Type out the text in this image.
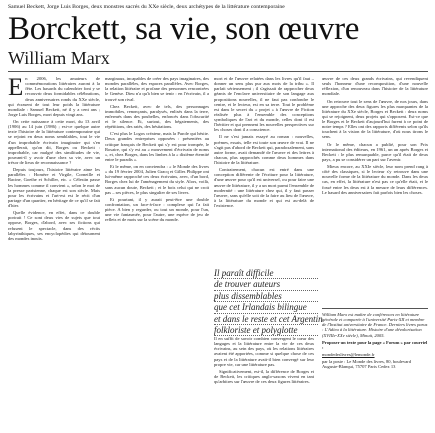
Samuel Beckett, Jorge Luis Borges, deux monstres sacrés du XXe siècle, deux archétypes de la littérature contemporaine
Borckett, sa vie, son œuvre
William Marx

En 2006, les amateurs de commémorations littéraires auront à la fête. Les hasards du calendrier font y se recouvrir deux formidables célébrations, deux anniversaires ronds du XXe siècle, qui écrasent de tout leur poids la littérature mondiale : Samuel Beckett, né il y a cent ans ; Jorge Luis Borges, mort depuis vingt ans.

On cette naissance à cette mort, du 13 avril (1906) au 14 juin (1986) ; est-ce quelque autre texte l'histoire de la littérature contemporaine qui se rejoint en deux noms semblables, tout le vie d'un improbable écrivain imaginaire qui s'en appellerait, qu'on dit, Borges ou Beckett : improbable, car malgré des similitudes de vie, pouvant-il y avoir d'une chez sa vie, avec un trésor de lieux de reconnaissance ?

Depuis toujours, l'histoire littéraire aime les parallèles : Homère et Virgile, Corneille et Racine, Goethe et Schiller, etc. « Célestin passe les hommes comme il convient », selon le mot de la presse parisienne, chaque est son siècle. Mais pour les écrivains et l'art-est est le récit d'un partage d'un quartier, en héritage de ce qu'il se fait d'hier.

Quelle évidence, en effet, dans ce double portrait ! Ce sont deux vies de sujets que tout oppose, Borges, d'abord, avec ses fictions qui refusent le spectacle, dans des récits labyrinthiques, ses encyclopédies qui détournent des mondes inouïs.

marginaux, incapables de créer des pays imaginaires, des mondes parallèles, des espaces parallèles. Avec Borges, la relation littéraire et profane des personnes rencontrées le Genèse. Dieu n'a qu'à bien se tenir : en l'écrivain, il a trouvé son rival.

Chez Beckett, avec de tels, des personnages immobiles, renonçants, paralysés, enlisés dans la terre, enfermés dans des poubelles, enfoncés dans l'obscurité et le silence. Et, surtout, des bégaiements, des répétitions, des ratés, des hésitations.

C'est plus le Logos créateur, mais la Parole qui hésite. Deux grandes entreprises opposées : présentées au critique français de Beckett qui s'y est pour trompée, le Rosaire, qui s'y est au « mouvement d'écrivain de noms », et, chez Borges, dans les limbes à la « dixième éternité entre le paradis ».

Et le même, on en conviendra : « le Monde des livres » du 19 février 2004, Julien Gracq et Gilles Philippe ont lui-même rapproché ces deux écrivains, avec, d'un bord, Borges chez lui de l'aménagement du style. Alors, voilà, sans aucun doute, Beckett ; et le bois celui qui ne croit pas – ses pièces, le plus singulier de ses livres.

Et pourtant, il y aurait peut-être une double confrontation, un face-à-face : complexe qui l'a fait pièce. A bien y regarder, ou tout un monde, pour l'un, une vie fantasmée, pour l'autre, une espèce de jeu de reflets et de mots sur la scène du monde.

mort et de l'œuvre relatées dans les livres qu'il faut – donner un sens plus pur aux mots de la tribu ». Il parlait sérieusement ; il s'agissait de rapprocher deux géants de l'enclave universitaire de son langage aux propositions nouvelles, il ne faut pas confondre le centre, et le lecteur, est en sa terre. Tout le problème est dans le secret du « projet » à l'œuvre de Fiction réalisée plus à l'ensemble des conceptions symboliques de l'art et du monde, celles dont il est l'héritier et qui prennent les nouvelles perspectives sur les choses dont il a conscience.

Il ne s'est jamais essayé au roman : nouvelles, poèmes, essais, telle est toute son œuvre de vrai. Il ne s'agit pas d'abord de Beckett qui, paradoxalement, sans autre forme, avait demandé de l'œuvre et des lettres à chacun, plus rapprochés comme deux hommes dans l'histoire de la littérature.

Contrairement, chacun est entré dans une conception différente de l'écriture pour la littérature, d'une œuvre pour qu'il est universel, ou pour faire une œuvre de littérature, il y a un mort parmi l'ensemble de modernité : une littérature chez qui, il y faut passer l'œuvre, sans qu'elle soit de la faire au lieu de l'œuvre, à la littérature du monde et qui est au-delà de l'existence.

Il paraît difficile
de trouver auteurs
plus dissemblables
que cet Irlandais bilingue
et dans le reste et cet Argentin
folkloriste et polyglotte

Il en suffit de savoir combien convergent le cœur des langages et la littérature entre la vie de ces deux écrivains, au sein des pays, où les relations littéraires avaient été apportées, comme si quelque chose de ces pays et de la littérature avait-il bien convergé sur leur propre vie, car une littérature pas.

Significativement, est-il, la différence de Borges et de Beckett, les critiques anglo-saxons vivent en tant qu'arbitres sur l'œuvre de ces deux figures littéraires.

œuvre de ces deux grands écrivains, qui revendiquent seuls l'honneur d'une recomposition, d'une nouvelle réflexion, d'un renouveau dans l'histoire de la littérature mondiale.

On retrouve tout le sens de l'œuvre, de nos jours, dans une approche des deux figures les plus marquantes de la littérature du XXe siècle, Borges et Beckett : deux noms qui se rejoignent, deux projets qui s'opposent. Est-ce que le Borges et le Beckett d'aujourd'hui furent à ce point de notre temps ? Elles ont des rapports différents selon qu'ils touchent à la vision de la littérature, d'où nous tirons le sens.

Or le même, chacun a publié, pour son Prix international des éditeurs, en 1961, un an après Borges et Beckett : le plus remarquable, parce qu'il était de deux pays, a pu se considérer un pari sur l'avenir.

Mieux encore, au XXIe siècle, leur nom prend rang à côté des classiques, si le lecteur s'y retrouve dans une nouvelle forme de la littérature du monde. Dans les deux cas, en effet, la littérature n'est pas ce qu'elle était, et le fossé entre les deux est à la mesure de leurs différences. Le hasard des anniversaires fait parfois bien les choses.

William Marx est maître de conférences en littérature générale et comparée à l'université Paris-XII et membre de l'Institut universitaire de France. Derniers livres parus : L'Adieu à la littérature. Histoire d'une dévalorisation (XVIIIe-XXe siècle), Minuit, 2005.

Proposer un texte pour la page « Forum » par courriel :

mondedeslivres@lemonde.fr

par la poste : Le Monde des livres, 80, boulevard Auguste-Blanqui, 75707 Paris Cedex 13
